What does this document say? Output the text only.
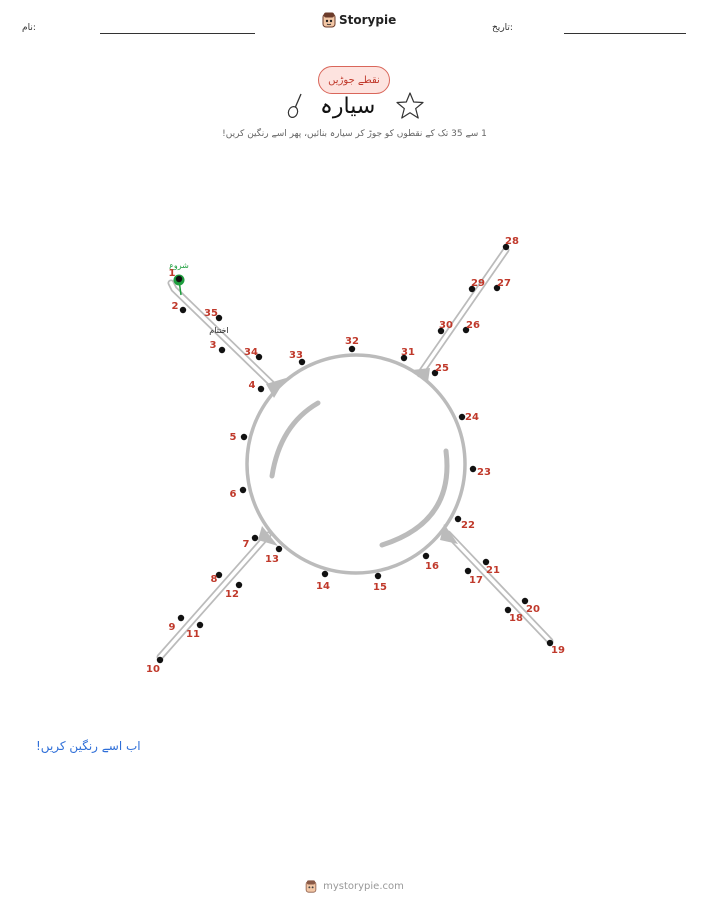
نام:
Storypie
تاریخ:
نقطے جوڑیں
سیارہ
1 سے 35 تک کے نقطوں کو جوڑ کر سیارہ بنائیں، پھر اسے رنگین کریں!
شروع
اختتام
1
2
3
4
5
6
7
8
9
10
11
12
13
14	15
16
17
18
19
20
21
22
23
24
25
26
27
28
29
30
31
32
33
34
35
اب اسے رنگین کریں!
mystorypie.com
